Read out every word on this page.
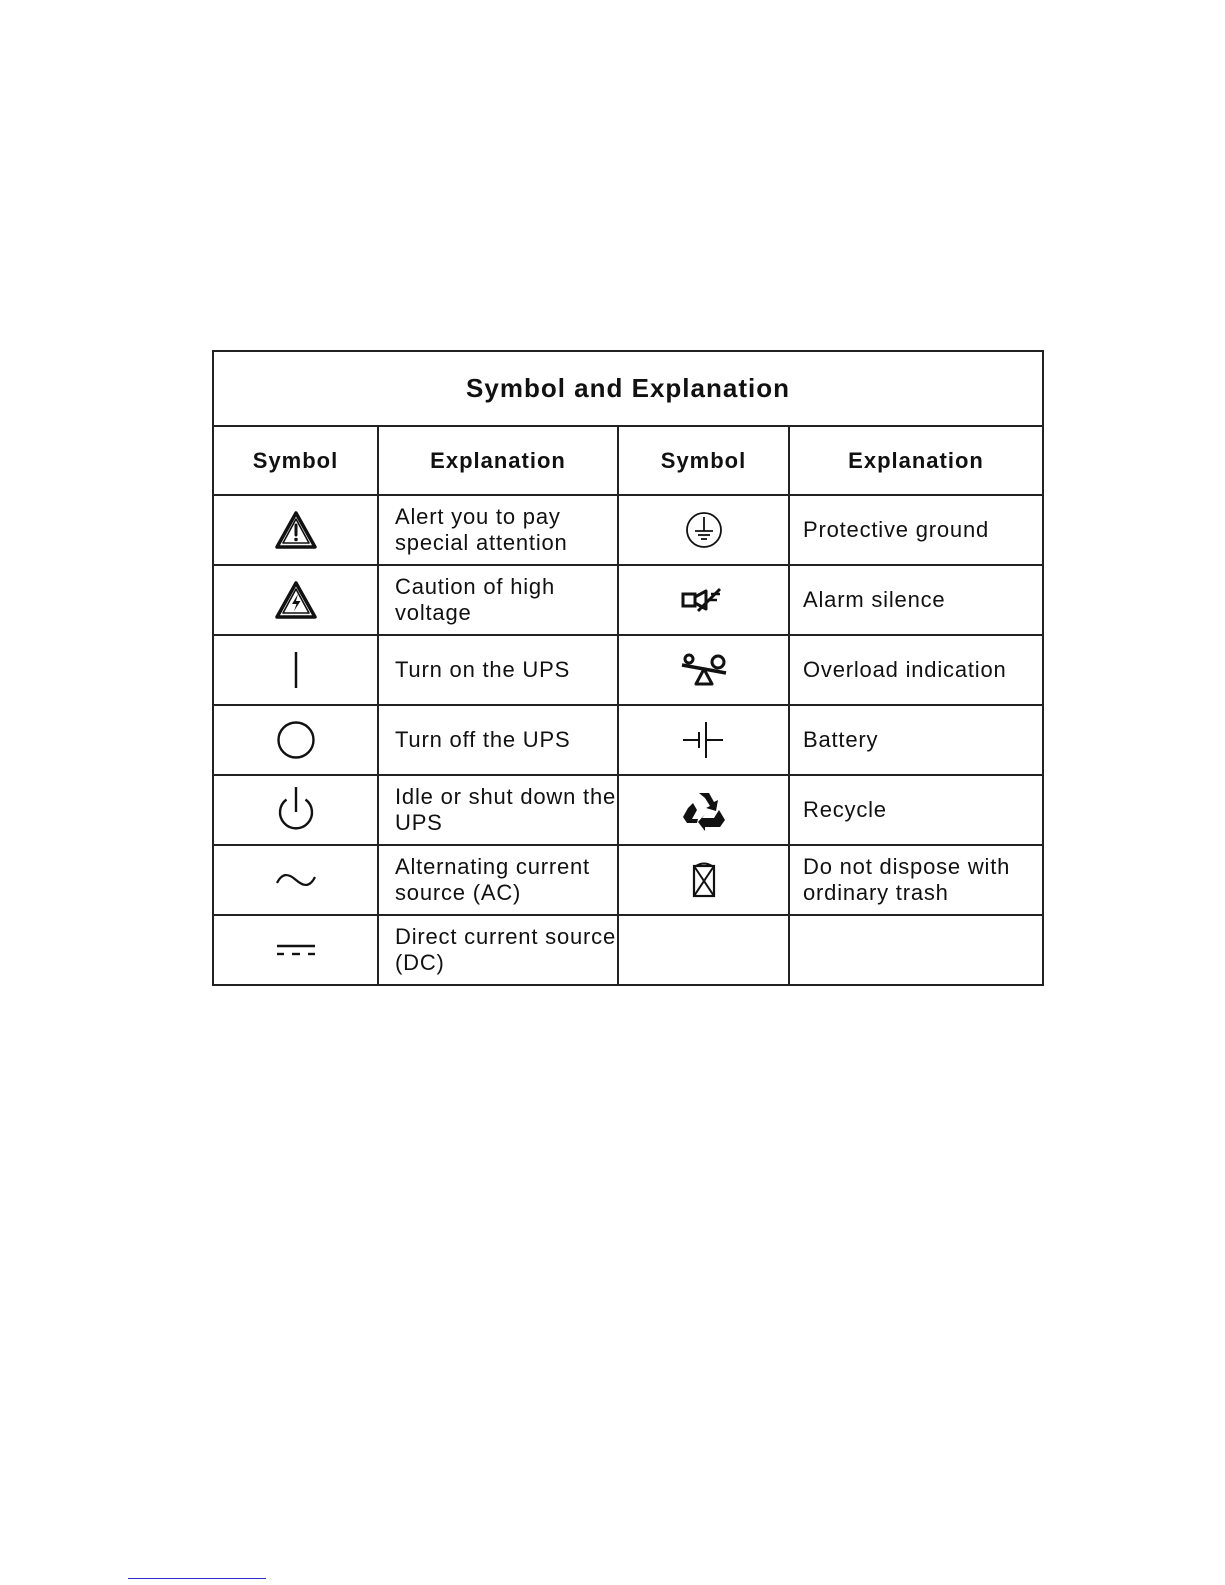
Symbol and Explanation			
Symbol	Explanation	Symbol	Explanation

	Alert you to pay special attention		Protective ground

	Caution of high voltage		Alarm silence

	Turn on the UPS		Overload indication

	Turn off the UPS		Battery

	Idle or shut down the UPS		Recycle

	Alternating current source (AC)		Do not dispose with ordinary trash

	Direct current source (DC)		
